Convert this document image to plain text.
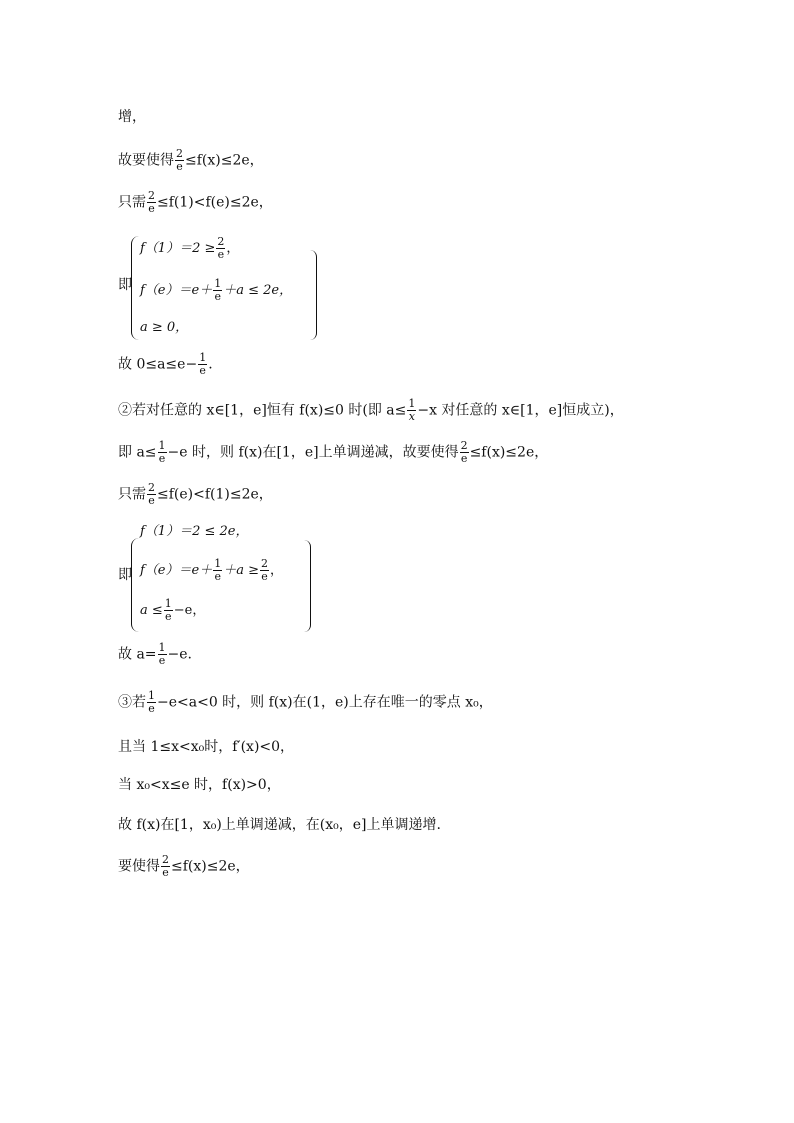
增，
故要使得 $\frac{2}{e} \le f(x)\le 2e$，
只需 $\frac{2}{e} \le f(1)<f(e)\le 2e$，
即
$f(1)=2 \ge \frac{2}{e}$ ，
$f(e)=e+ \frac{1}{e} +a \le 2e$，
a ≥ 0，
故 $0\le a\le e- \frac{1}{e}$ .
②若对任意的 x∈[1，e]恒有 f(x)≤0 时(即 $a\le \frac{1}{x} -x$ 对任意的 x∈[1，e]恒成立)，
即 $a\le \frac{1}{e} -e$ 时，则 f(x)在[1，e]上单调递减，故要使得 $\frac{2}{e} \le f(x)\le 2e$，
只需 $\frac{2}{e} \le f(e)<f(1)\le 2e$，
即
f（1）＝2 ≤ 2e，
$f(e)=e+ \frac{1}{e} +a \ge \frac{2}{e}$ ，
$a \le \frac{1}{e} -e$，
故 $a= \frac{1}{e} -e$.
③若 $\frac{1}{e} -e<a<0$ 时，则 f(x)在(1，e)上存在唯一的零点 x₀，
且当 1≤x<x₀时，f′(x)<0，
当 x₀<x≤e 时，f(x)>0，
故 f(x)在[1，x₀)上单调递减，在(x₀，e]上单调递增.
要使得 $\frac{2}{e} \le f(x)\le 2e$，
